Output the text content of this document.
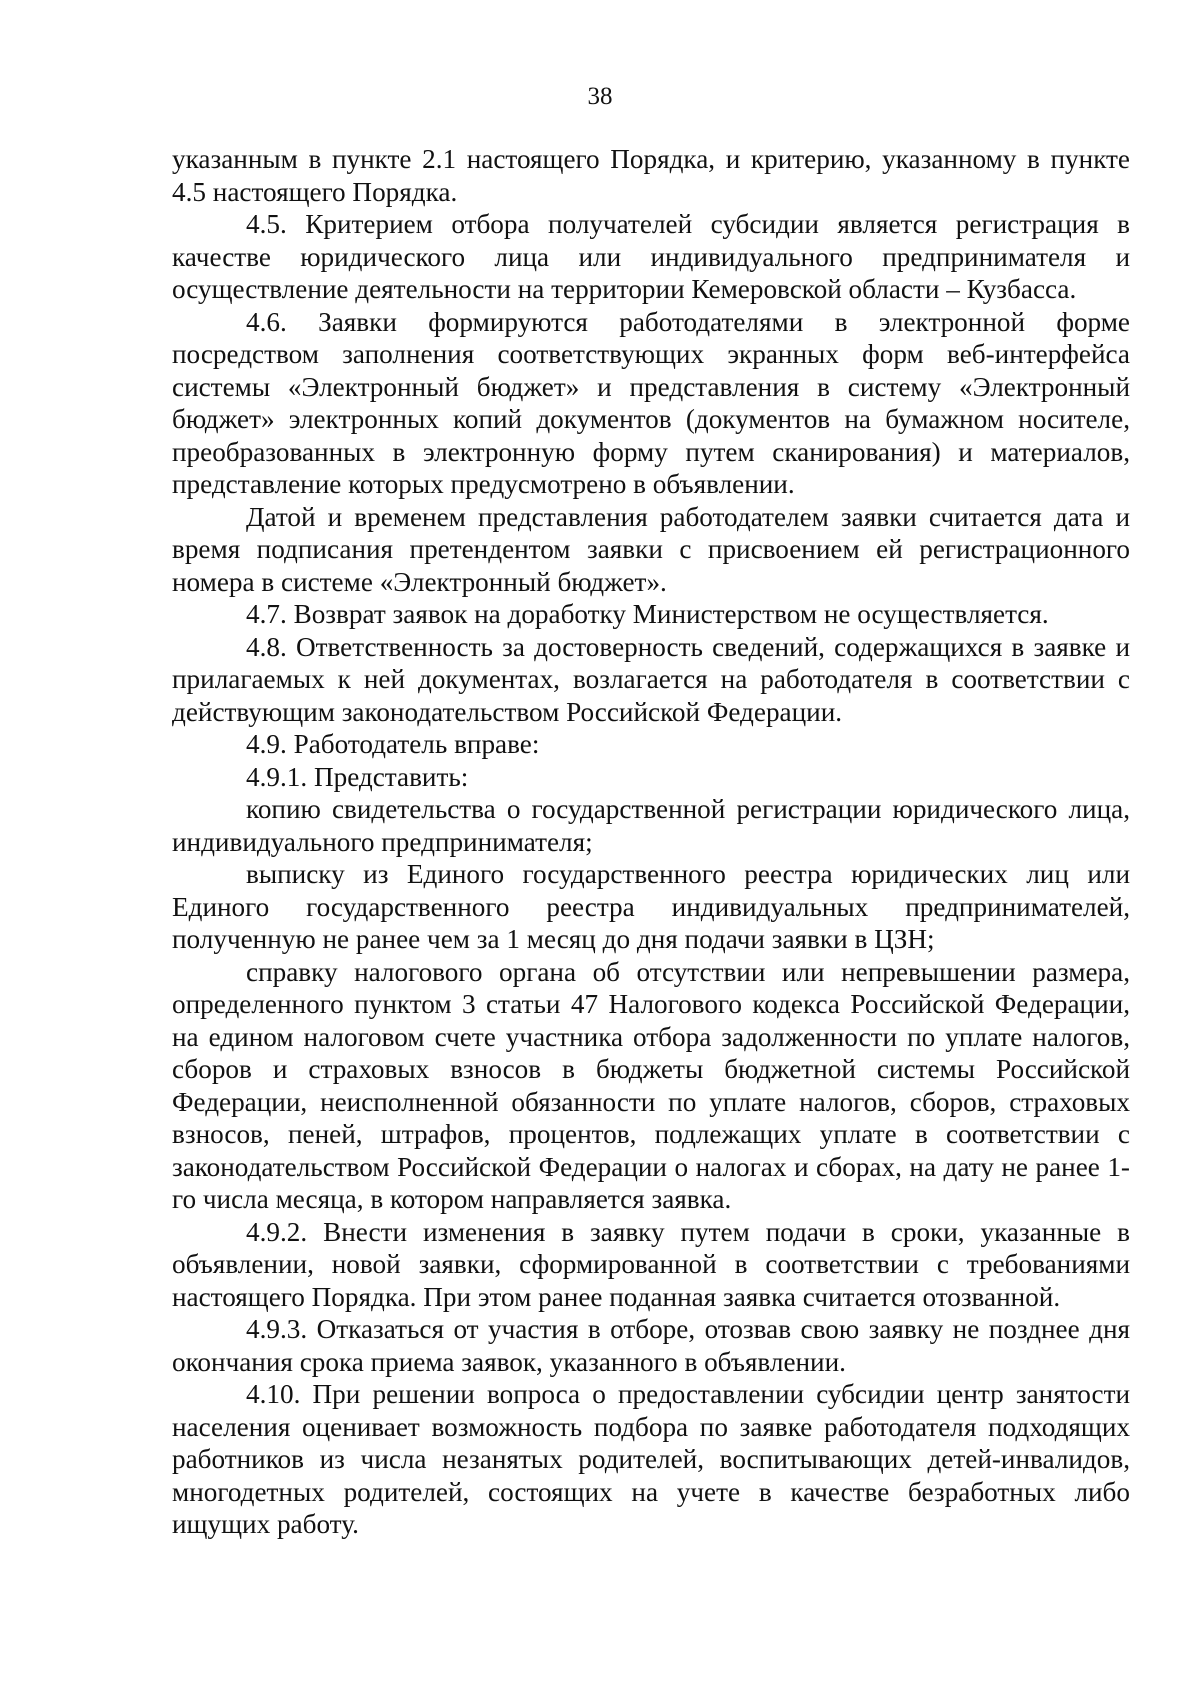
38

указанным в пункте 2.1 настоящего Порядка, и критерию, указанному в пункте 4.5 настоящего Порядка.

4.5. Критерием отбора получателей субсидии является регистрация в качестве юридического лица или индивидуального предпринимателя и осуществление деятельности на территории Кемеровской области – Кузбасса.

4.6. Заявки формируются работодателями в электронной форме посредством заполнения соответствующих экранных форм веб-интерфейса системы «Электронный бюджет» и представления в систему «Электронный бюджет» электронных копий документов (документов на бумажном носителе, преобразованных в электронную форму путем сканирования) и материалов, представление которых предусмотрено в объявлении.

Датой и временем представления работодателем заявки считается дата и время подписания претендентом заявки с присвоением ей регистрационного номера в системе «Электронный бюджет».

4.7. Возврат заявок на доработку Министерством не осуществляется.

4.8. Ответственность за достоверность сведений, содержащихся в заявке и прилагаемых к ней документах, возлагается на работодателя в соответствии с действующим законодательством Российской Федерации.

4.9. Работодатель вправе:

4.9.1. Представить:

копию свидетельства о государственной регистрации юридического лица, индивидуального предпринимателя;

выписку из Единого государственного реестра юридических лиц или Единого государственного реестра индивидуальных предпринимателей, полученную не ранее чем за 1 месяц до дня подачи заявки в ЦЗН;

справку налогового органа об отсутствии или непревышении размера, определенного пунктом 3 статьи 47 Налогового кодекса Российской Федерации, на едином налоговом счете участника отбора задолженности по уплате налогов, сборов и страховых взносов в бюджеты бюджетной системы Российской Федерации, неисполненной обязанности по уплате налогов, сборов, страховых взносов, пеней, штрафов, процентов, подлежащих уплате в соответствии с законодательством Российской Федерации о налогах и сборах, на дату не ранее 1-го числа месяца, в котором направляется заявка.

4.9.2. Внести изменения в заявку путем подачи в сроки, указанные в объявлении, новой заявки, сформированной в соответствии с требованиями настоящего Порядка. При этом ранее поданная заявка считается отозванной.

4.9.3. Отказаться от участия в отборе, отозвав свою заявку не позднее дня окончания срока приема заявок, указанного в объявлении.

4.10. При решении вопроса о предоставлении субсидии центр занятости населения оценивает возможность подбора по заявке работодателя подходящих работников из числа незанятых родителей, воспитывающих детей-инвалидов, многодетных родителей, состоящих на учете в качестве безработных либо ищущих работу.
